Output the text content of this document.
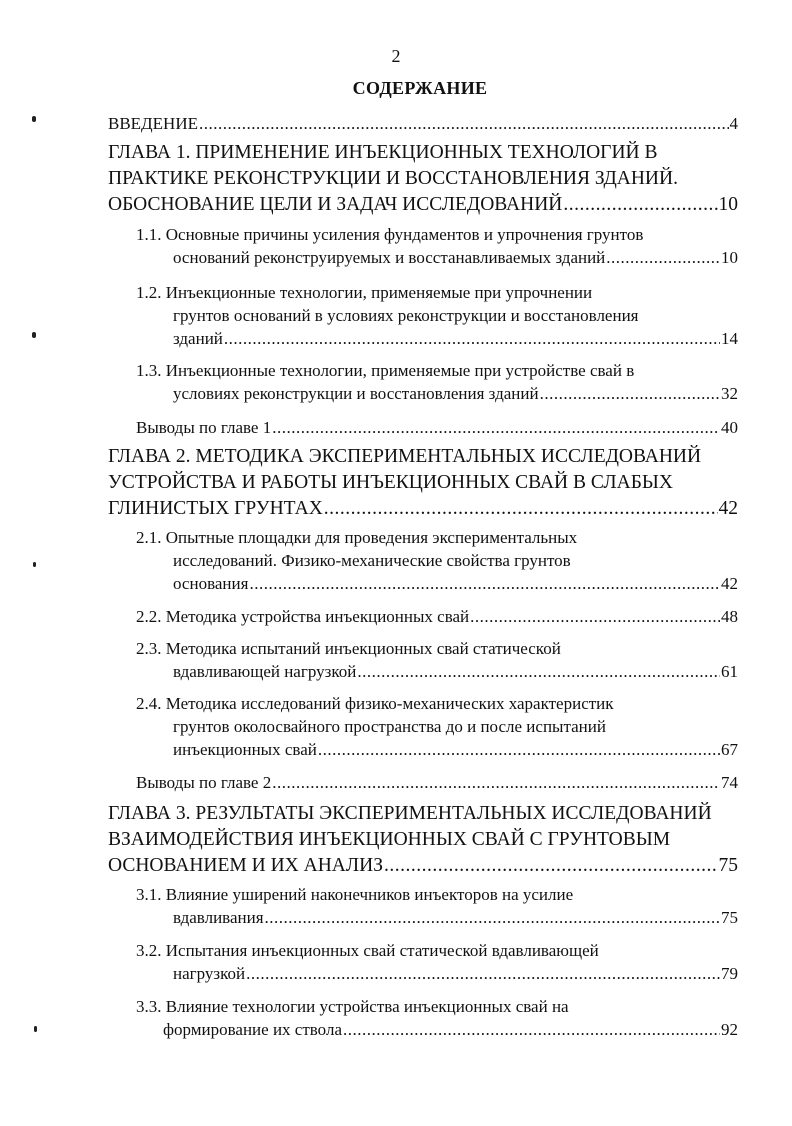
2
СОДЕРЖАНИЕ
ВВЕДЕНИЕ .....	4
ГЛАВА 1. ПРИМЕНЕНИЕ ИНЪЕКЦИОННЫХ ТЕХНОЛОГИЙ В
ПРАКТИКЕ РЕКОНСТРУКЦИИ И ВОССТАНОВЛЕНИЯ ЗДАНИЙ.
ОБОСНОВАНИЕ ЦЕЛИ И ЗАДАЧ ИССЛЕДОВАНИЙ .....	10
1.1. Основные причины усиления фундаментов и упрочнения грунтов
оснований реконструируемых и восстанавливаемых зданий .....	10
1.2. Инъекционные технологии, применяемые при упрочнении
грунтов оснований в условиях реконструкции и восстановления
зданий .....	14
1.3. Инъекционные технологии, применяемые при устройстве свай в
условиях реконструкции и восстановления зданий .....	32
Выводы по главе 1 .....	40
ГЛАВА 2. МЕТОДИКА ЭКСПЕРИМЕНТАЛЬНЫХ ИССЛЕДОВАНИЙ
УСТРОЙСТВА И РАБОТЫ ИНЪЕКЦИОННЫХ СВАЙ В СЛАБЫХ
ГЛИНИСТЫХ ГРУНТАХ .....	42
2.1. Опытные площадки для проведения экспериментальных
исследований. Физико-механические свойства грунтов
основания .....	42
2.2. Методика устройства инъекционных свай .....	48
2.3. Методика испытаний инъекционных свай статической
вдавливающей нагрузкой .....	61
2.4. Методика исследований физико-механических характеристик
грунтов околосвайного пространства до и после испытаний
инъекционных свай .....	67
Выводы по главе 2 .....	74
ГЛАВА 3. РЕЗУЛЬТАТЫ ЭКСПЕРИМЕНТАЛЬНЫХ ИССЛЕДОВАНИЙ
ВЗАИМОДЕЙСТВИЯ ИНЪЕКЦИОННЫХ СВАЙ С ГРУНТОВЫМ
ОСНОВАНИЕМ И ИХ АНАЛИЗ .....	75
3.1. Влияние уширений наконечников инъекторов на усилие
вдавливания .....	75
3.2. Испытания инъекционных свай статической вдавливающей
нагрузкой .....	79
3.3. Влияние технологии устройства инъекционных свай на
формирование их ствола .....	92
